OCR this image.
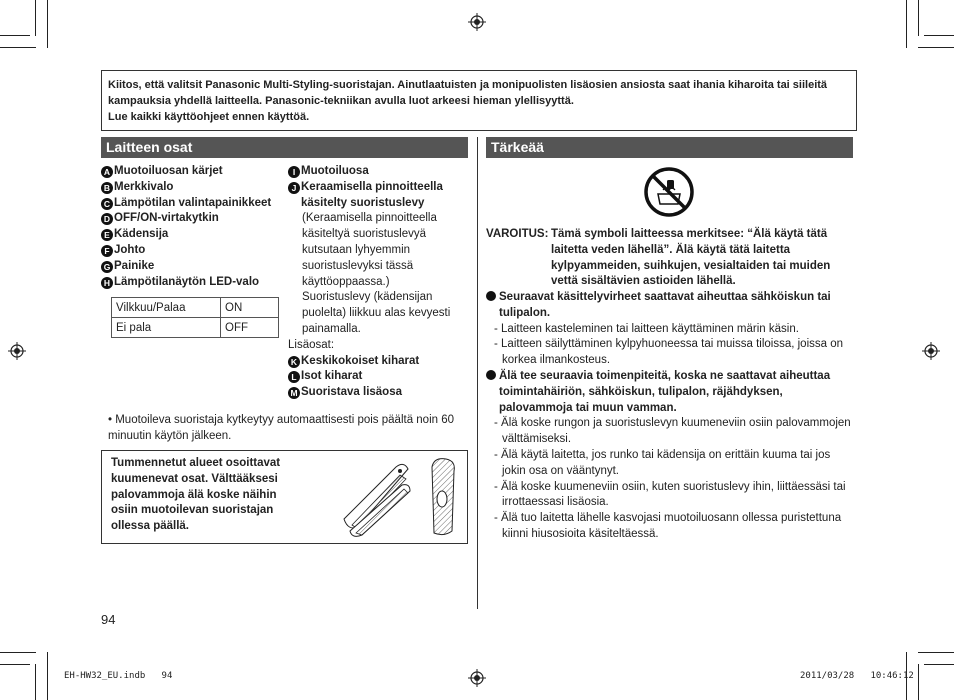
Kiitos, että valitsit Panasonic Multi-Styling-suoristajan. Ainutlaatuisten ja monipuolisten lisäosien ansiosta saat ihania kiharoita tai siileitä kampauksia yhdellä laitteella. Panasonic-tekniikan avulla luot arkeesi hieman ylellisyyttä.
Lue kaikki käyttöohjeet ennen käyttöä.
Laitteen osat
A Muotoiluosan kärjet
B Merkkivalo
C Lämpötilan valintapainikkeet
D OFF/ON-virtakytkin
E Kädensija
F Johto
G Painike
H Lämpötilanäytön LED-valo
Vilkkuu/Palaa	ON
Ei pala	OFF
I Muotoiluosa
J Keraamisella pinnoitteella käsitelty suoristuslevy
(Keraamisella pinnoitteella
käsiteltyä suoristuslevyä
kutsutaan lyhyemmin
suoristuslevyksi tässä
käyttöoppaassa.)
Suoristuslevy (kädensijan
puolelta) liikkuu alas kevyesti
painamalla.
Lisäosat:
K Keskikokoiset kiharat
L Isot kiharat
M Suoristava lisäosa
• Muotoileva suoristaja kytkeytyy automaattisesti pois päältä noin 60 minuutin käytön jälkeen.
Tummennetut alueet osoittavat kuumenevat osat. Välttääksesi palovammoja älä koske näihin osiin muotoilevan suoristajan ollessa päällä.
94
Tärkeää
VAROITUS: Tämä symboli laitteessa merkitsee: “Älä käytä tätä laitetta veden lähellä”. Älä käytä tätä laitetta kylpyammeiden, suihkujen, vesialtaiden tai muiden vettä sisältävien astioiden lähellä.
Seuraavat käsittelyvirheet saattavat aiheuttaa sähköiskun tai tulipalon.
- Laitteen kasteleminen tai laitteen käyttäminen märin käsin.
- Laitteen säilyttäminen kylpyhuoneessa tai muissa tiloissa, joissa on korkea ilmankosteus.
Älä tee seuraavia toimenpiteitä, koska ne saattavat aiheuttaa toimintahäiriön, sähköiskun, tulipalon, räjähdyksen, palovammoja tai muun vamman.
- Älä koske rungon ja suoristuslevyn kuumeneviin osiin palovammojen välttämiseksi.
- Älä käytä laitetta, jos runko tai kädensija on erittäin kuuma tai jos jokin osa on vääntynyt.
- Älä koske kuumeneviin osiin, kuten suoristuslevy ihin, liittäessäsi tai irrottaessasi lisäosia.
- Älä tuo laitetta lähelle kasvojasi muotoiluosann ollessa puristettuna kiinni hiusosioita käsiteltäessä.
EH-HW32_EU.indb 94	2011/03/28 10:46:12
